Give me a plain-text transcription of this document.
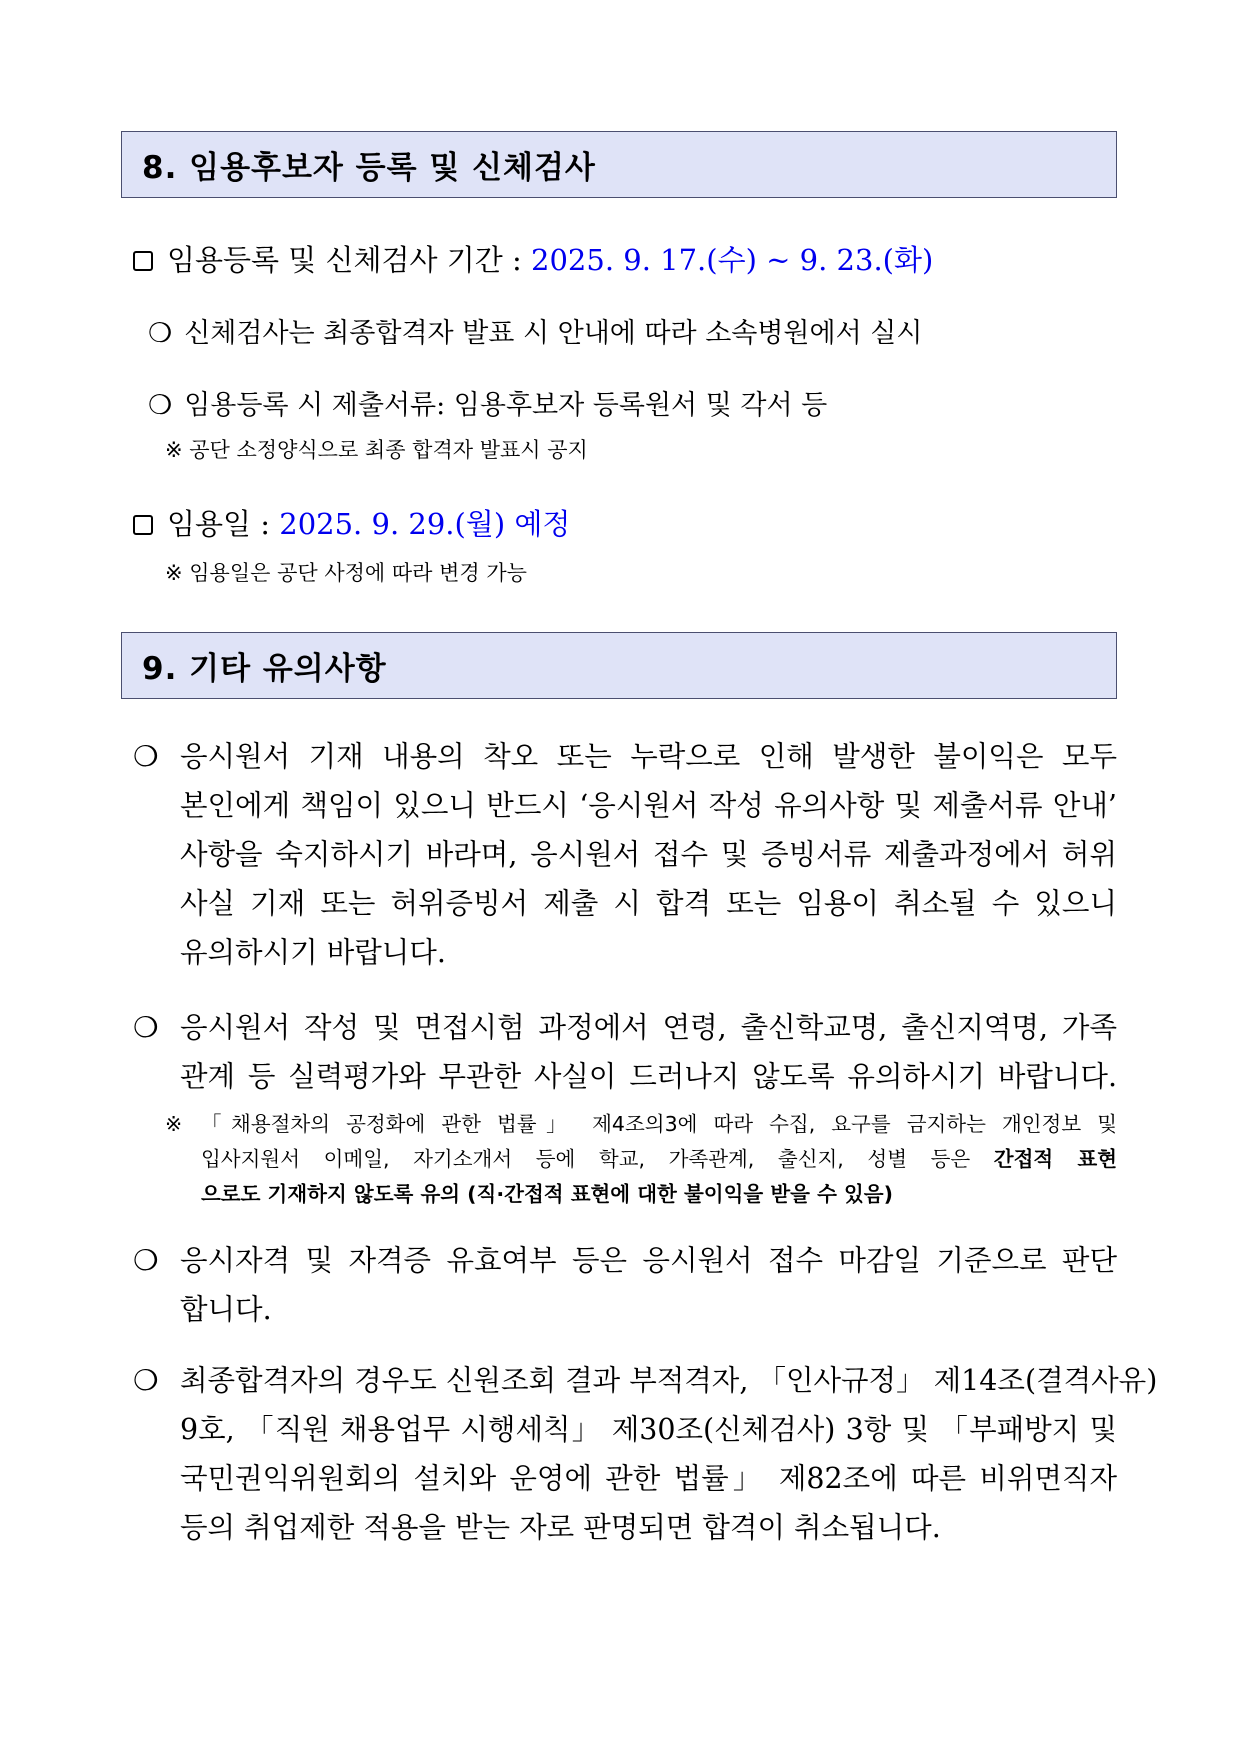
8. 임용후보자 등록 및 신체검사
임용등록 및 신체검사 기간 : 2025. 9. 17.(수) ~ 9. 23.(화)
❍ 신체검사는 최종합격자 발표 시 안내에 따라 소속병원에서 실시
❍ 임용등록 시 제출서류: 임용후보자 등록원서 및 각서 등
※ 공단 소정양식으로 최종 합격자 발표시 공지
임용일 : 2025. 9. 29.(월) 예정
※ 임용일은 공단 사정에 따라 변경 가능
9. 기타 유의사항
❍ 응시원서 기재 내용의 착오 또는 누락으로 인해 발생한 불이익은 모두
본인에게 책임이 있으니 반드시 ‘응시원서 작성 유의사항 및 제출서류 안내’
사항을 숙지하시기 바라며, 응시원서 접수 및 증빙서류 제출과정에서 허위
사실 기재 또는 허위증빙서 제출 시 합격 또는 임용이 취소될 수 있으니
유의하시기 바랍니다.
❍ 응시원서 작성 및 면접시험 과정에서 연령, 출신학교명, 출신지역명, 가족
관계 등 실력평가와 무관한 사실이 드러나지 않도록 유의하시기 바랍니다.
※ 「채용절차의 공정화에 관한 법률」 제4조의3에 따라 수집, 요구를 금지하는 개인정보 및
입사지원서 이메일, 자기소개서 등에 학교, 가족관계, 출신지, 성별 등은 간접적 표현
으로도 기재하지 않도록 유의 (직·간접적 표현에 대한 불이익을 받을 수 있음)
❍ 응시자격 및 자격증 유효여부 등은 응시원서 접수 마감일 기준으로 판단
합니다.
❍ 최종합격자의 경우도 신원조회 결과 부적격자, 「인사규정」 제14조(결격사유)
9호, 「직원 채용업무 시행세칙」 제30조(신체검사) 3항 및 「부패방지 및
국민권익위원회의 설치와 운영에 관한 법률」 제82조에 따른 비위면직자
등의 취업제한 적용을 받는 자로 판명되면 합격이 취소됩니다.
